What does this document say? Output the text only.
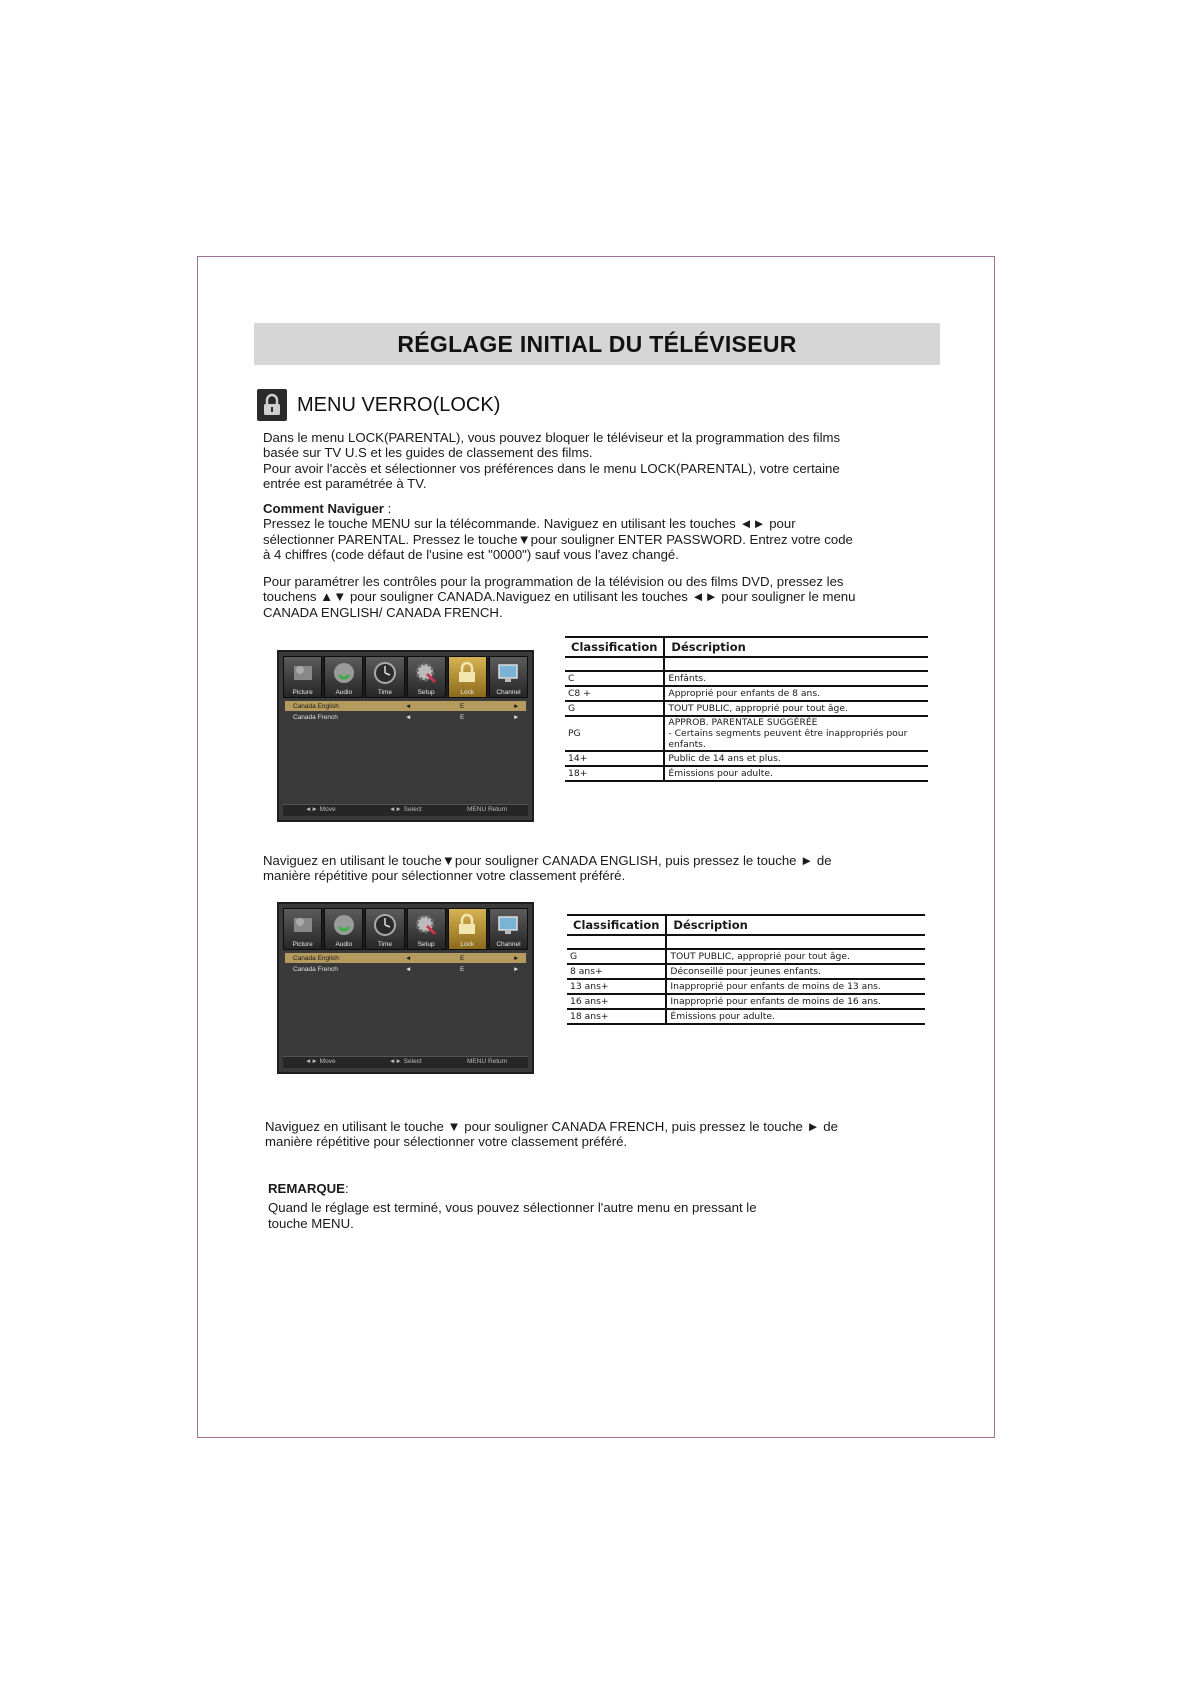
RÉGLAGE INITIAL DU TÉLÉVISEUR
MENU VERRO(LOCK)
Dans le menu LOCK(PARENTAL), vous pouvez bloquer le téléviseur et la programmation des films
basée sur TV U.S et les guides de classement des films.
Pour avoir l'accès et sélectionner vos préférences dans le menu LOCK(PARENTAL), votre certaine
entrée est paramétrée à TV.
Comment Naviguer :
Pressez le touche MENU sur la télécommande. Naviguez en utilisant les touches ◄► pour
sélectionner PARENTAL. Pressez le touche▼pour souligner ENTER PASSWORD. Entrez votre code
à 4 chiffres (code défaut de l'usine est "0000") sauf vous l'avez changé.
Pour paramétrer les contrôles pour la programmation de la télévision ou des films DVD, pressez les
touchens ▲▼ pour souligner CANADA.Naviguez en utilisant les touches ◄► pour souligner le menu
CANADA ENGLISH/ CANADA FRENCH.
Picture	Audio	Time	Setup	Lock	Channel
Canada English	◄	E	►
Canada French	◄	E	►
◄► Move	◄► Select	MENU Return
Classification	Déscription

C	Enfânts.
C8 +	Approprié pour enfants de 8 ans.
G	TOUT PUBLIC, approprié pour tout âge.
PG	APPROB. PARENTALE SUGGÉRÉE
- Certains segments peuvent être inappropriés pour enfants.

14+	Public de 14 ans et plus.
18+	Émissions pour adulte.
Naviguez en utilisant le touche▼pour souligner CANADA ENGLISH, puis pressez le touche ► de
manière répétitive pour sélectionner votre classement préféré.
Picture	Audio	Time	Setup	Lock	Channel
Canada English	◄	E	►
Canada French	◄	E	►
◄► Move	◄► Select	MENU Return
Classification	Déscription

G	TOUT PUBLIC, approprié pour tout âge.
8 ans+	Déconseillé pour jeunes enfants.
13 ans+	Inapproprié pour enfants de moins de 13 ans.
16 ans+	Inapproprié pour enfants de moins de 16 ans.
18 ans+	Émissions pour adulte.
Naviguez en utilisant le touche ▼ pour souligner CANADA FRENCH, puis pressez le touche ► de
manière répétitive pour sélectionner votre classement préféré.
REMARQUE:
Quand le réglage est terminé, vous pouvez sélectionner l'autre menu en pressant le
touche MENU.
